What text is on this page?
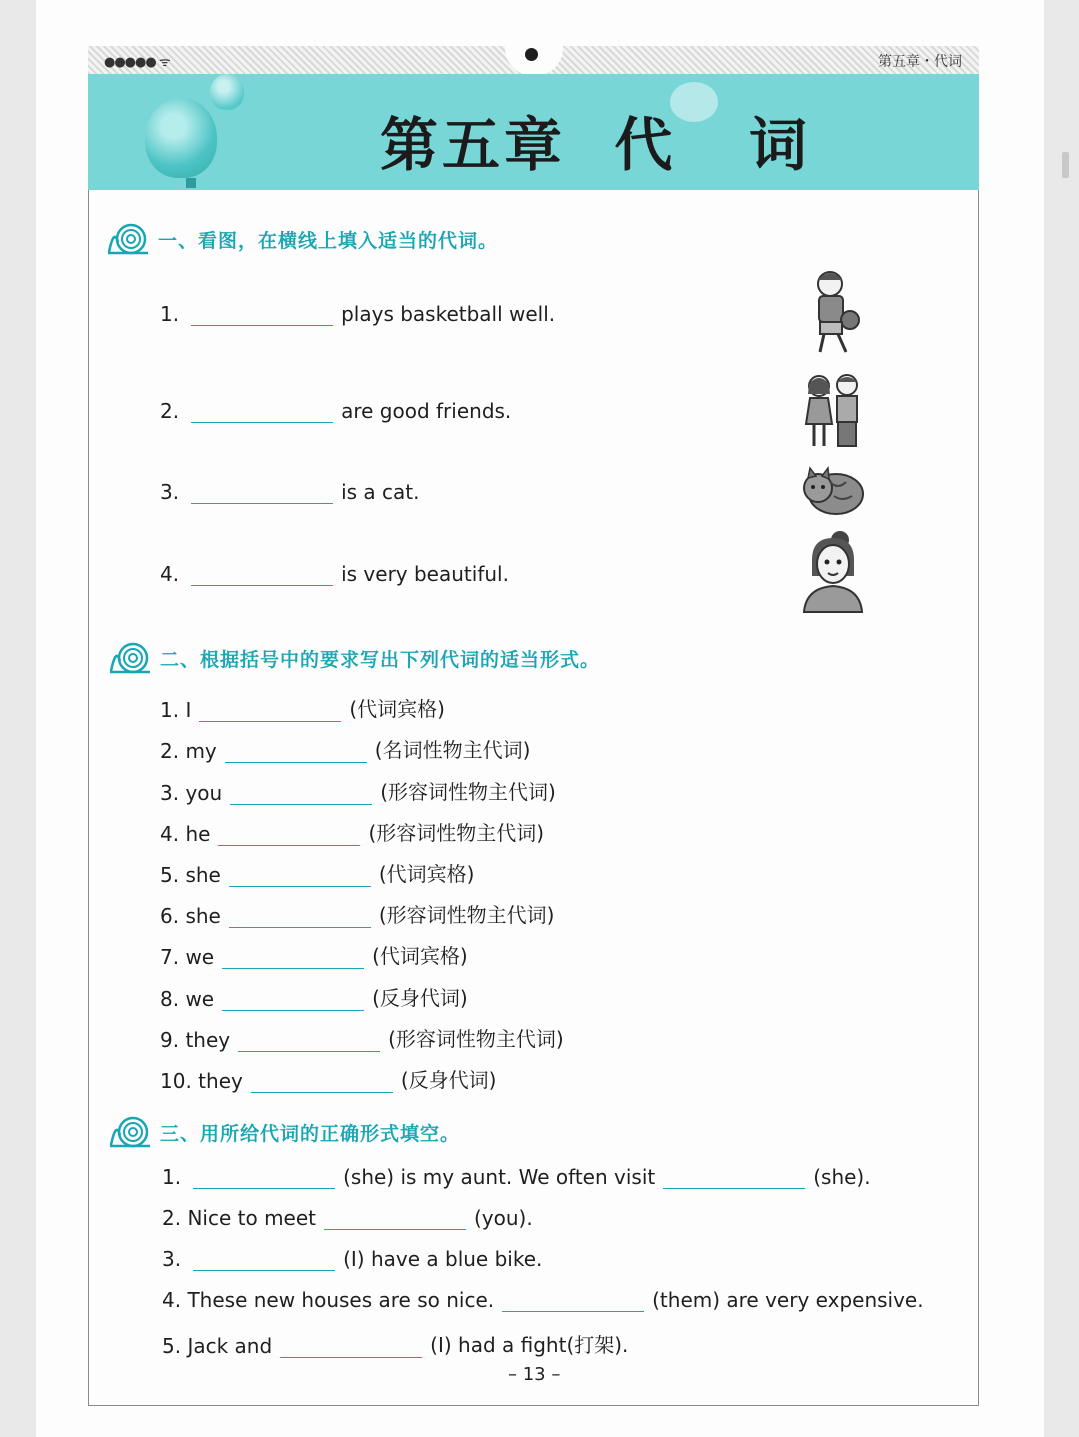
●●●●● ᯤ	第五章・代词
第五章  代   词
一、看图，在横线上填入适当的代词。
1.	plays basketball well.
2.	are good friends.
3.	is a cat.
4.	is very beautiful.
二、根据括号中的要求写出下列代词的适当形式。
1.
I	(代词宾格)
2.
my	(名词性物主代词)
3.
you	(形容词性物主代词)
4.
he	(形容词性物主代词)
5.
she	(代词宾格)
6.
she	(形容词性物主代词)
7.
we	(代词宾格)
8.
we	(反身代词)
9.
they	(形容词性物主代词)
10.
they	(反身代词)
三、用所给代词的正确形式填空。
1.	(she) is my aunt. We often visit	(she).
2.
Nice to meet	(you).
3.	(I) have a blue bike.
4.
These new houses are so nice.	(them) are very expensive.
5.
Jack and	(I) had a fight(打架).
– 13 –
